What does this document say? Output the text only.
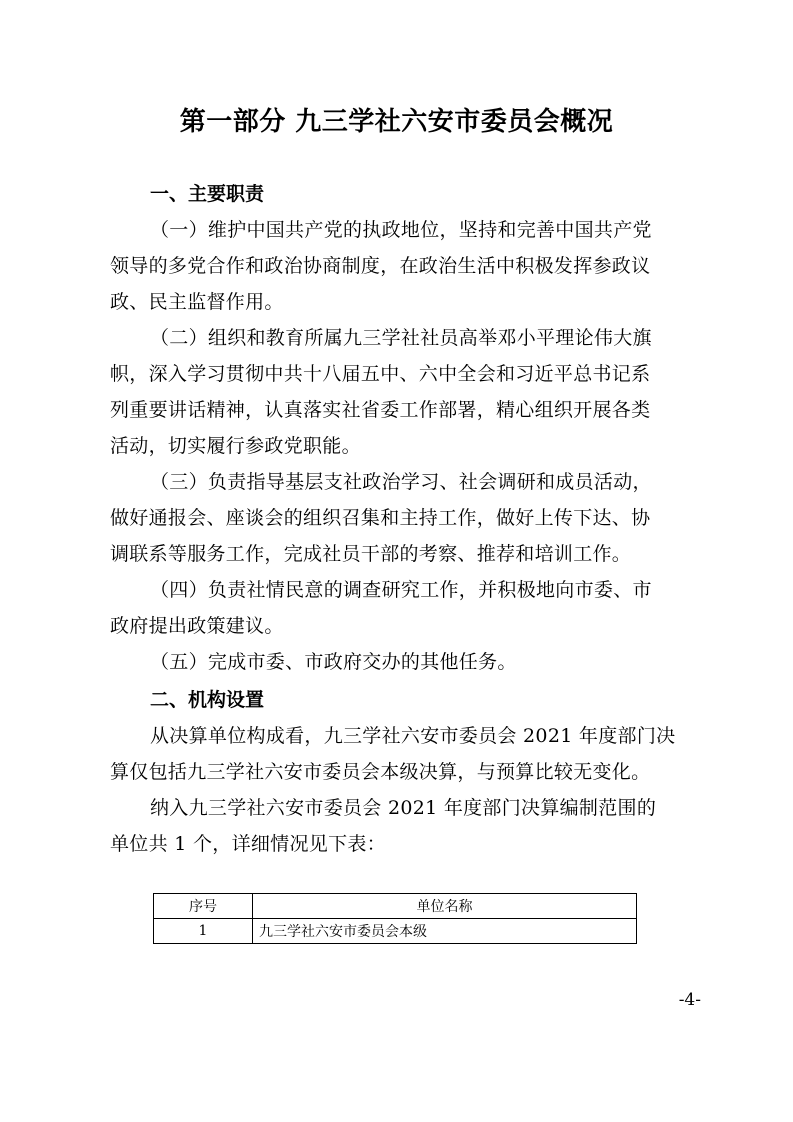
第一部分 九三学社六安市委员会概况
一、主要职责

（一）维护中国共产党的执政地位，坚持和完善中国共产党
领导的多党合作和政治协商制度，在政治生活中积极发挥参政议
政、民主监督作用。

（二）组织和教育所属九三学社社员高举邓小平理论伟大旗
帜，深入学习贯彻中共十八届五中、六中全会和习近平总书记系
列重要讲话精神，认真落实社省委工作部署，精心组织开展各类
活动，切实履行参政党职能。

（三）负责指导基层支社政治学习、社会调研和成员活动，
做好通报会、座谈会的组织召集和主持工作，做好上传下达、协
调联系等服务工作，完成社员干部的考察、推荐和培训工作。

（四）负责社情民意的调查研究工作，并积极地向市委、市
政府提出政策建议。

（五）完成市委、市政府交办的其他任务。

二、机构设置

从决算单位构成看，九三学社六安市委员会 2021 年度部门决
算仅包括九三学社六安市委员会本级决算，与预算比较无变化。

纳入九三学社六安市委员会 2021 年度部门决算编制范围的
单位共 1 个，详细情况见下表：

序号	单位名称
1	九三学社六安市委员会本级
-4-
